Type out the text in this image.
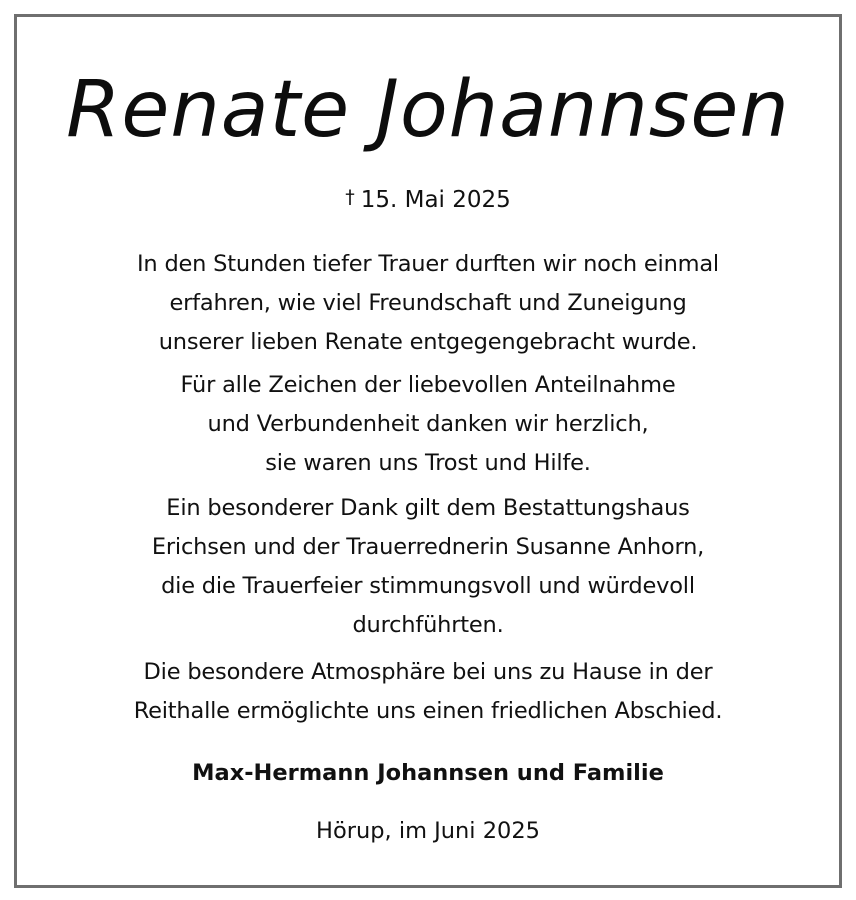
Renate Johannsen
† 15. Mai 2025
In den Stunden tiefer Trauer durften wir noch einmal
erfahren, wie viel Freundschaft und Zuneigung
unserer lieben Renate entgegengebracht wurde.
Für alle Zeichen der liebevollen Anteilnahme
und Verbundenheit danken wir herzlich,
sie waren uns Trost und Hilfe.
Ein besonderer Dank gilt dem Bestattungshaus
Erichsen und der Trauerrednerin Susanne Anhorn,
die die Trauerfeier stimmungsvoll und würdevoll
durchführten.
Die besondere Atmosphäre bei uns zu Hause in der
Reithalle ermöglichte uns einen friedlichen Abschied.
Max-Hermann Johannsen und Familie
Hörup, im Juni 2025
